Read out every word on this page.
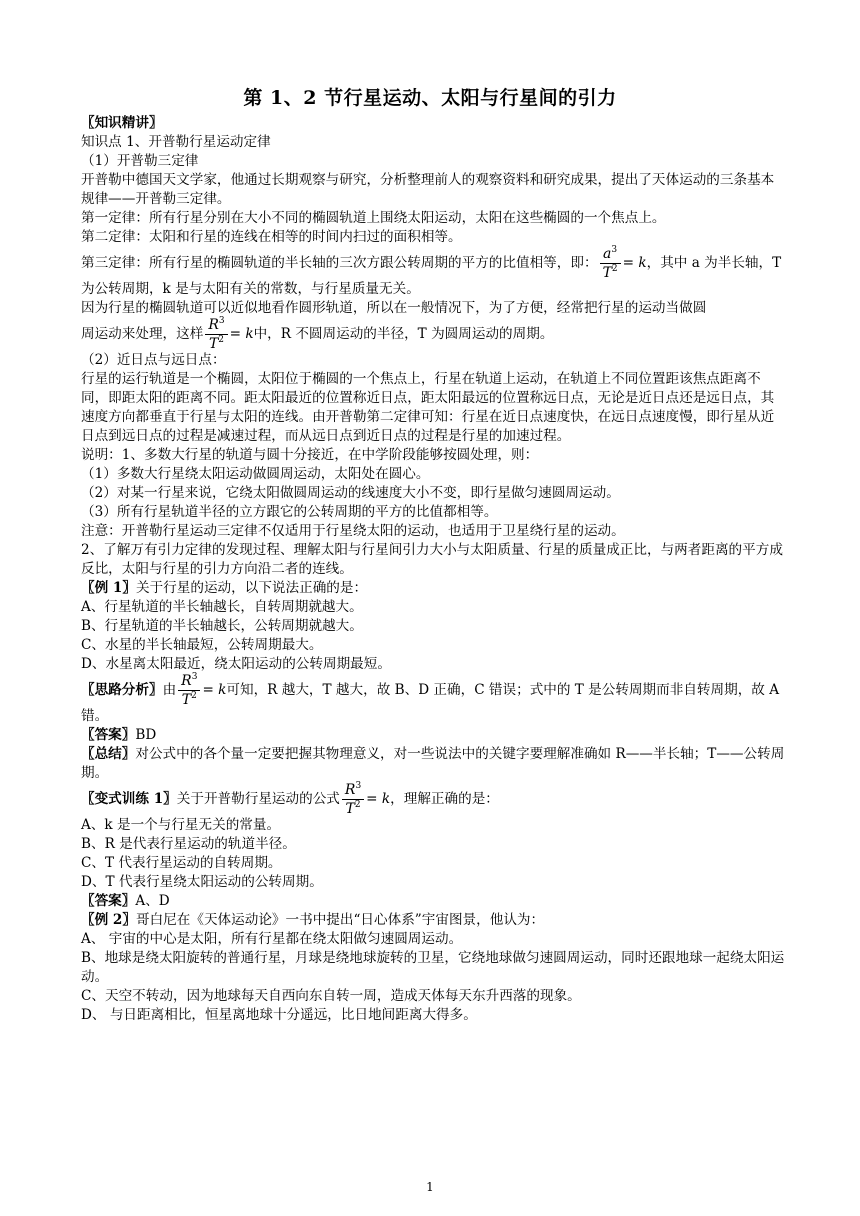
第 1、2 节行星运动、太阳与行星间的引力

〖知识精讲〗

知识点 1、开普勒行星运动定律

（1）开普勒三定律

开普勒中德国天文学家，他通过长期观察与研究，分析整理前人的观察资料和研究成果，提出了天体运动的三条基本规律——开普勒三定律。

第一定律：所有行星分别在大小不同的椭圆轨道上围绕太阳运动，太阳在这些椭圆的一个焦点上。

第二定律：太阳和行星的连线在相等的时间内扫过的面积相等。

第三定律：所有行星的椭圆轨道的半长轴的三次方跟公转周期的平方的比值相等，即： $\frac{a^3}{T^2} = k$，其中 a 为半长轴，T 为公转周期，k 是与太阳有关的常数，与行星质量无关。

因为行星的椭圆轨道可以近似地看作圆形轨道，所以在一般情况下，为了方便，经常把行星的运动当做圆

周运动来处理，这样 $\frac{R^3}{T^2} = k$中，R 不圆周运动的半径，T 为圆周运动的周期。

（2）近日点与远日点：

行星的运行轨道是一个椭圆，太阳位于椭圆的一个焦点上，行星在轨道上运动，在轨道上不同位置距该焦点距离不同，即距太阳的距离不同。距太阳最近的位置称近日点，距太阳最远的位置称远日点，无论是近日点还是远日点，其速度方向都垂直于行星与太阳的连线。由开普勒第二定律可知：行星在近日点速度快，在远日点速度慢，即行星从近日点到远日点的过程是减速过程，而从远日点到近日点的过程是行星的加速过程。

说明：1、多数大行星的轨道与圆十分接近，在中学阶段能够按圆处理，则：

（1）多数大行星绕太阳运动做圆周运动，太阳处在圆心。

（2）对某一行星来说，它绕太阳做圆周运动的线速度大小不变，即行星做匀速圆周运动。

（3）所有行星轨道半径的立方跟它的公转周期的平方的比值都相等。

注意：开普勒行星运动三定律不仅适用于行星绕太阳的运动，也适用于卫星绕行星的运动。

2、了解万有引力定律的发现过程、理解太阳与行星间引力大小与太阳质量、行星的质量成正比，与两者距离的平方成反比，太阳与行星的引力方向沿二者的连线。

〖例 1〗关于行星的运动，以下说法正确的是：

A、行星轨道的半长轴越长，自转周期就越大。

B、行星轨道的半长轴越长，公转周期就越大。

C、水星的半长轴最短，公转周期最大。

D、水星离太阳最近，绕太阳运动的公转周期最短。

〖思路分析〗由 $\frac{R^3}{T^2} = k$可知，R 越大，T 越大，故 B、D 正确，C 错误；式中的 T 是公转周期而非自转周期，故 A 错。

〖答案〗BD

〖总结〗对公式中的各个量一定要把握其物理意义，对一些说法中的关键字要理解准确如 R——半长轴；T——公转周期。

〖变式训练 1〗关于开普勒行星运动的公式 $\frac{R^3}{T^2} = k$，理解正确的是：

A、k 是一个与行星无关的常量。

B、R 是代表行星运动的轨道半径。

C、T 代表行星运动的自转周期。

D、T 代表行星绕太阳运动的公转周期。

〖答案〗A、D

〖例 2〗哥白尼在《天体运动论》一书中提出“日心体系”宇宙图景，他认为：

A、 宇宙的中心是太阳，所有行星都在绕太阳做匀速圆周运动。

B、地球是绕太阳旋转的普通行星，月球是绕地球旋转的卫星，它绕地球做匀速圆周运动，同时还跟地球一起绕太阳运动。

C、天空不转动，因为地球每天自西向东自转一周，造成天体每天东升西落的现象。

D、 与日距离相比，恒星离地球十分遥远，比日地间距离大得多。

1
